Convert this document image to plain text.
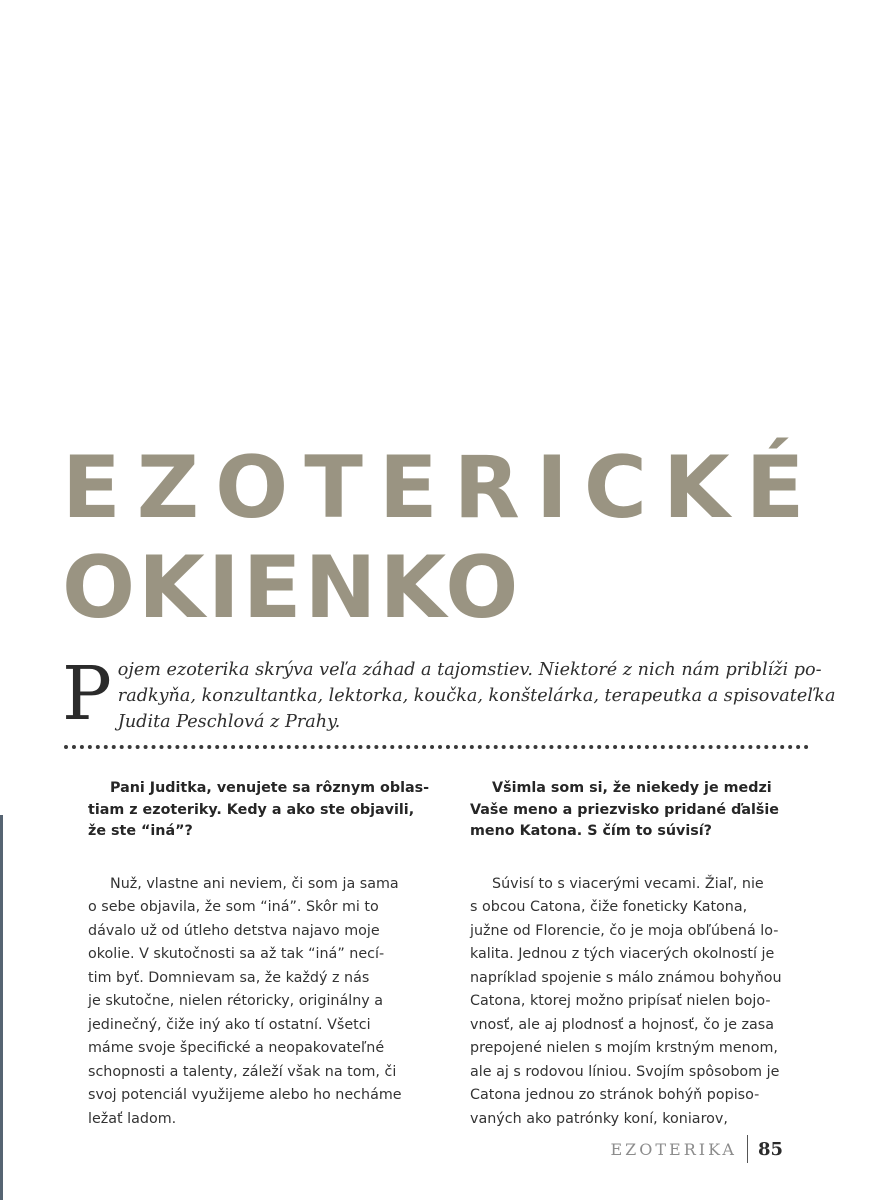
EZOTERICKÉ
OKIENKO

P ojem ezoterika skrýva veľa záhad a tajomstiev. Niektoré z nich nám priblíži po-
radkyňa, konzultantka, lektorka, koučka, konštelárka, terapeutka a spisovateľka
Judita Peschlová z Prahy.

Pani Juditka, venujete sa rôznym oblas-
tiam z ezoteriky. Kedy a ako ste objavili,
že ste “iná”?

Nuž, vlastne ani neviem, či som ja sama
o sebe objavila, že som “iná”. Skôr mi to
dávalo už od útleho detstva najavo moje
okolie. V skutočnosti sa až tak “iná” necí-
tim byť. Domnievam sa, že každý z nás
je skutočne, nielen rétoricky, originálny a
jedinečný, čiže iný ako tí ostatní. Všetci
máme svoje špecifické a neopakovateľné
schopnosti a talenty, záleží však na tom, či
svoj potenciál využijeme alebo ho necháme
ležať ladom.

Všimla som si, že niekedy je medzi
Vaše meno a priezvisko pridané ďalšie
meno Katona. S čím to súvisí?

Súvisí to s viacerými vecami. Žiaľ, nie
s obcou Catona, čiže foneticky Katona,
južne od Florencie, čo je moja obľúbená lo-
kalita. Jednou z tých viacerých okolností je
napríklad spojenie s málo známou bohyňou
Catona, ktorej možno pripísať nielen bojo-
vnosť, ale aj plodnosť a hojnosť, čo je zasa
prepojené nielen s mojím krstným menom,
ale aj s rodovou líniou. Svojím spôsobom je
Catona jednou zo stránok bohýň popiso-
vaných ako patrónky koní, koniarov,

EZOTERIKA 85
